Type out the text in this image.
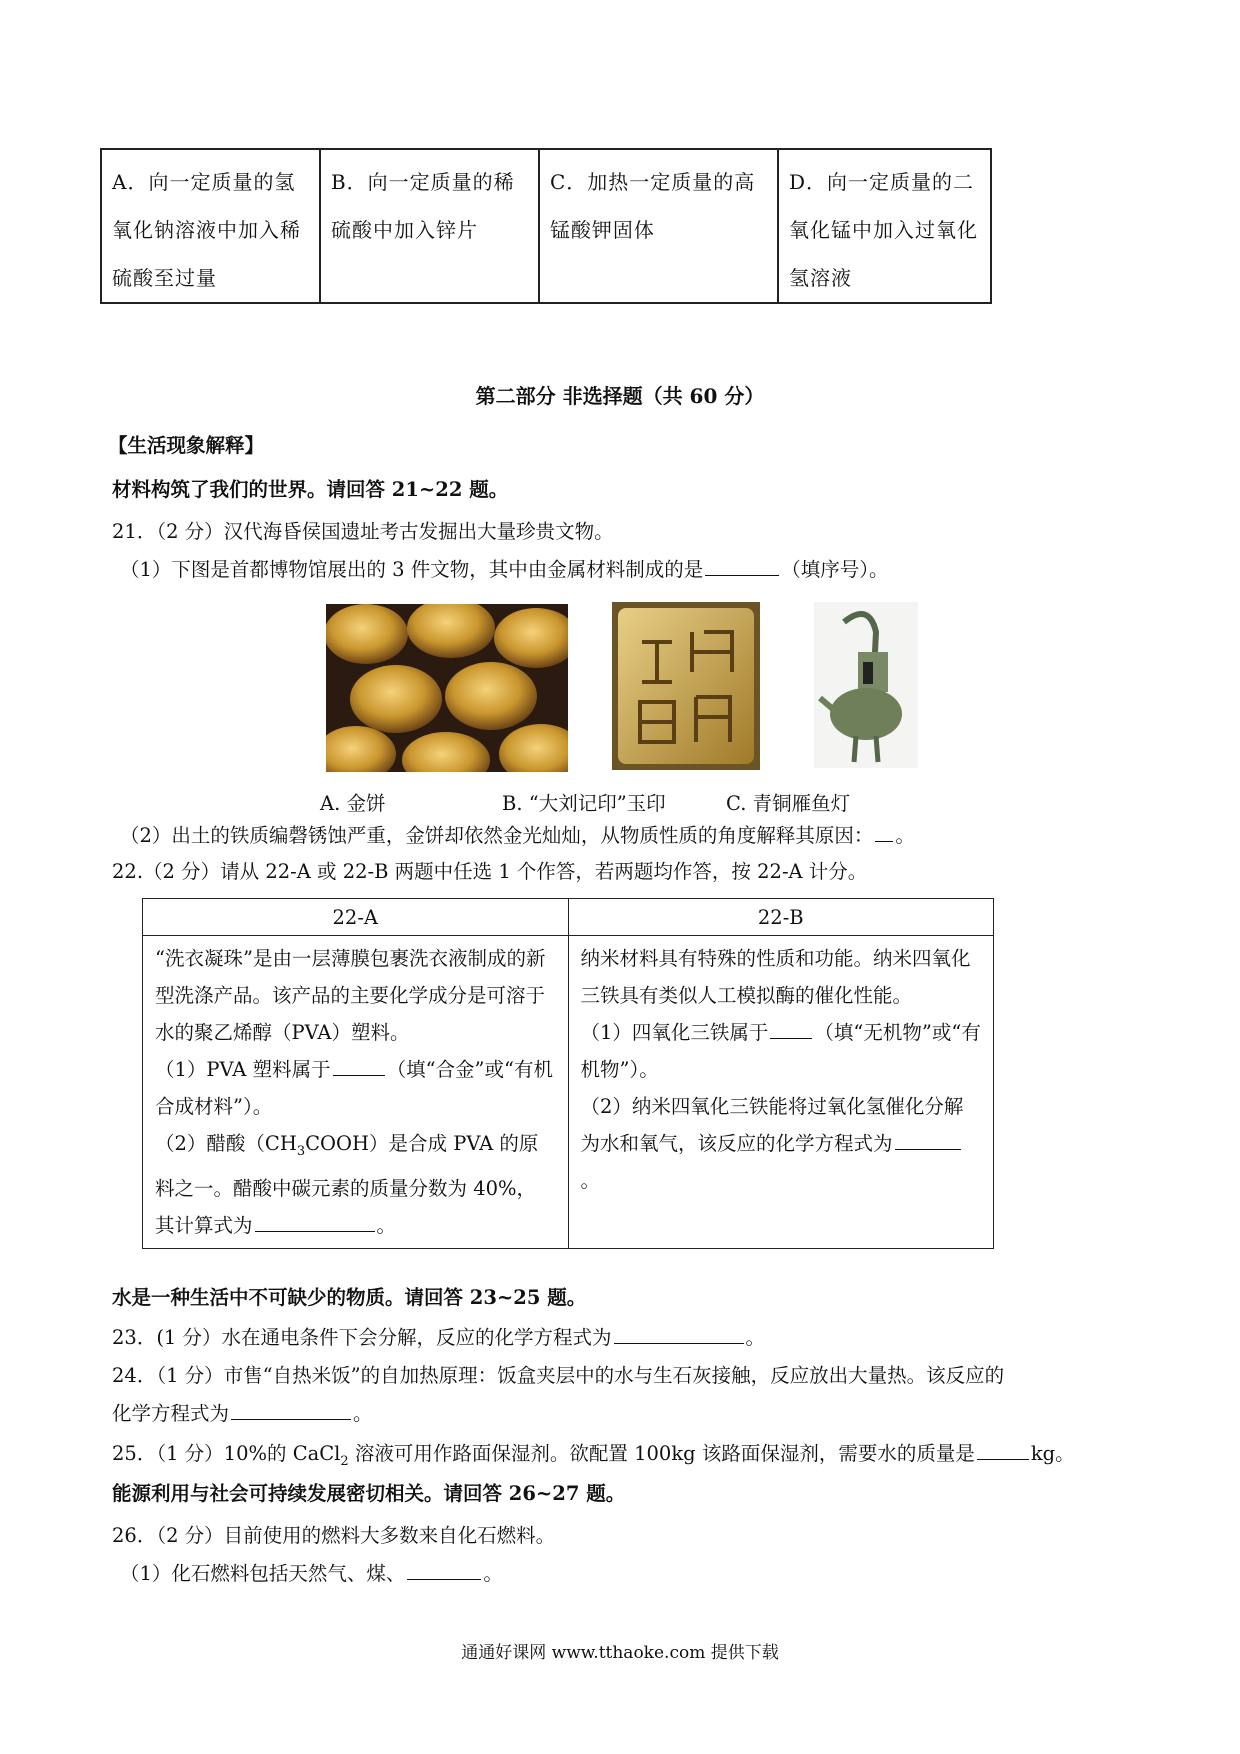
A．向一定质量的氢氧化钠溶液中加入稀硫酸至过量	B．向一定质量的稀硫酸中加入锌片	C．加热一定质量的高锰酸钾固体	D．向一定质量的二氧化锰中加入过氧化氢溶液
第二部分 非选择题（共 60 分）
【生活现象解释】
材料构筑了我们的世界。请回答 21~22 题。
21．（2 分）汉代海昏侯国遗址考古发掘出大量珍贵文物。
（1）下图是首都博物馆展出的 3 件文物，其中由金属材料制成的是	（填序号）。
A. 金饼	B. “大刘记印”玉印	C. 青铜雁鱼灯
（2）出土的铁质编磬锈蚀严重，金饼却依然金光灿灿，从物质性质的角度解释其原因： 。
22.（2 分）请从 22-A 或 22-B 两题中任选 1 个作答，若两题均作答，按 22-A 计分。
22-A	22-B
“洗衣凝珠”是由一层薄膜包裹洗衣液制成的新型洗涤产品。该产品的主要化学成分是可溶于水的聚乙烯醇（PVA）塑料。
（1）PVA 塑料属于 （填“合金”或“有机合成材料”）。
（2）醋酸$(CH_3COOH)$是合成 PVA 的原料之一。醋酸中碳元素的质量分数为 40%，其计算式为 。	纳米材料具有特殊的性质和功能。纳米四氧化三铁具有类似人工模拟酶的催化性能。
（1）四氧化三铁属于 （填“无机物”或“有机物”）。
（2）纳米四氧化三铁能将过氧化氢催化分解为水和氧气，该反应的化学方程式为。
水是一种生活中不可缺少的物质。请回答 23~25 题。
23．(1 分）水在通电条件下会分解，反应的化学方程式为	。
24．（1 分）市售“自热米饭”的自加热原理：饭盒夹层中的水与生石灰接触，反应放出大量热。该反应的
化学方程式为	。
25．（1 分）10%的 CaCl$_2$ 溶液可用作路面保湿剂。欲配置 100kg 该路面保湿剂，需要水的质量是	kg。
能源利用与社会可持续发展密切相关。请回答 26~27 题。
26．（2 分）目前使用的燃料大多数来自化石燃料。
（1）化石燃料包括天然气、煤、	。
通通好课网 www.tthaoke.com 提供下载
